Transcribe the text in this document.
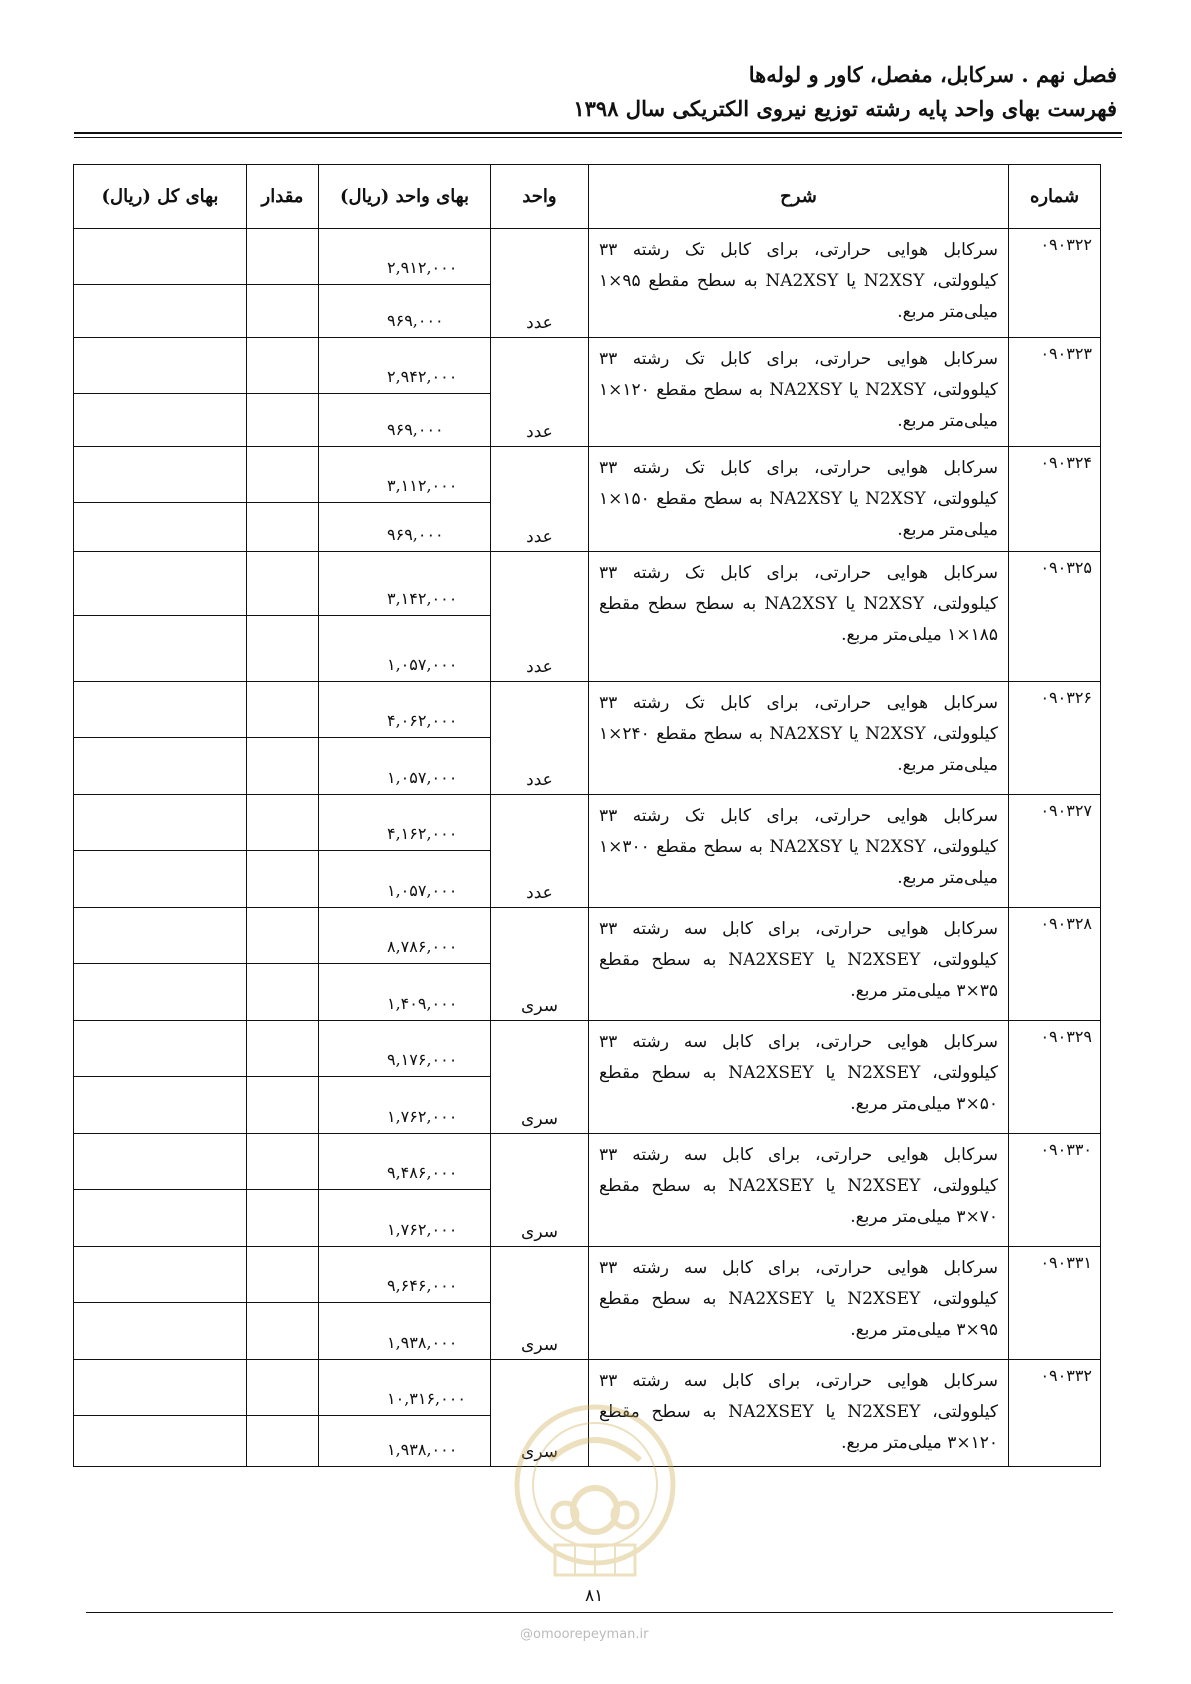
فصل نهم . سرکابل، مفصل، کاور و لوله‌ها
فهرست بهای واحد پایه رشته توزیع نیروی الکتریکی سال ۱۳۹۸
شماره	شرح	واحد	بهای واحد (ریال)	مقدار	بهای کل (ریال)
۰۹۰۳۲۲	سرکابل هوایی حرارتی، برای کابل تک رشته ۳۳ کیلوولتی، N2XSY یا NA2XSY به سطح مقطع ۹۵×۱ میلی‌متر مربع.	عدد	۲,۹۱۲,۰۰۰		
			۹۶۹,۰۰۰		
۰۹۰۳۲۳	سرکابل هوایی حرارتی، برای کابل تک رشته ۳۳ کیلوولتی، N2XSY یا NA2XSY به سطح مقطع ۱۲۰×۱ میلی‌متر مربع.	عدد	۲,۹۴۲,۰۰۰		
			۹۶۹,۰۰۰		
۰۹۰۳۲۴	سرکابل هوایی حرارتی، برای کابل تک رشته ۳۳ کیلوولتی، N2XSY یا NA2XSY به سطح مقطع ۱۵۰×۱ میلی‌متر مربع.	عدد	۳,۱۱۲,۰۰۰		
			۹۶۹,۰۰۰		
۰۹۰۳۲۵	سرکابل هوایی حرارتی، برای کابل تک رشته ۳۳ کیلوولتی، N2XSY یا NA2XSY به سطح سطح مقطع ۱۸۵×۱ میلی‌متر مربع.	عدد	۳,۱۴۲,۰۰۰		
			۱,۰۵۷,۰۰۰		
۰۹۰۳۲۶	سرکابل هوایی حرارتی، برای کابل تک رشته ۳۳ کیلوولتی، N2XSY یا NA2XSY به سطح مقطع ۲۴۰×۱ میلی‌متر مربع.	عدد	۴,۰۶۲,۰۰۰		
			۱,۰۵۷,۰۰۰		
۰۹۰۳۲۷	سرکابل هوایی حرارتی، برای کابل تک رشته ۳۳ کیلوولتی، N2XSY یا NA2XSY به سطح مقطع ۳۰۰×۱ میلی‌متر مربع.	عدد	۴,۱۶۲,۰۰۰		
			۱,۰۵۷,۰۰۰		
۰۹۰۳۲۸	سرکابل هوایی حرارتی، برای کابل سه رشته ۳۳ کیلوولتی، N2XSEY یا NA2XSEY به سطح مقطع ۳۵×۳ میلی‌متر مربع.	سری	۸,۷۸۶,۰۰۰		
			۱,۴۰۹,۰۰۰		
۰۹۰۳۲۹	سرکابل هوایی حرارتی، برای کابل سه رشته ۳۳ کیلوولتی، N2XSEY یا NA2XSEY به سطح مقطع ۵۰×۳ میلی‌متر مربع.	سری	۹,۱۷۶,۰۰۰		
			۱,۷۶۲,۰۰۰		
۰۹۰۳۳۰	سرکابل هوایی حرارتی، برای کابل سه رشته ۳۳ کیلوولتی، N2XSEY یا NA2XSEY به سطح مقطع ۷۰×۳ میلی‌متر مربع.	سری	۹,۴۸۶,۰۰۰		
			۱,۷۶۲,۰۰۰		
۰۹۰۳۳۱	سرکابل هوایی حرارتی، برای کابل سه رشته ۳۳ کیلوولتی، N2XSEY یا NA2XSEY به سطح مقطع ۹۵×۳ میلی‌متر مربع.	سری	۹,۶۴۶,۰۰۰		
			۱,۹۳۸,۰۰۰		
۰۹۰۳۳۲	سرکابل هوایی حرارتی، برای کابل سه رشته ۳۳ کیلوولتی، N2XSEY یا NA2XSEY به سطح مقطع ۱۲۰×۳ میلی‌متر مربع.	سری	۱۰,۳۱۶,۰۰۰		
			۱,۹۳۸,۰۰۰		
۸۱
@omoorepeyman.ir
